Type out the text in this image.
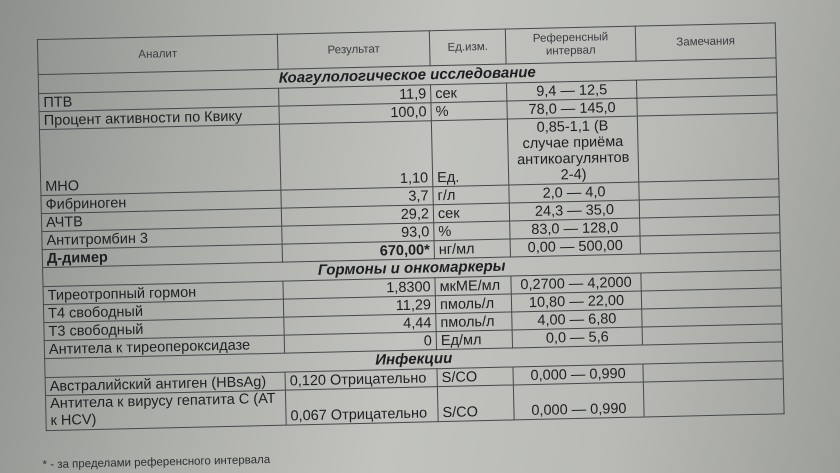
Аналит	Результат	Ед.изм.	Референсный интервал	Замечания
Коагулологическое исследование				
ПТВ	11,9	сек	9,4 — 12,5	
Процент активности по Квику	100,0	%	78,0 — 145,0	
МНО	1,10	Ед.	0,85-1,1 (В случае приёма антикоагулянтов 2-4)	
Фибриноген	3,7	г/л	2,0 — 4,0	
АЧТВ	29,2	сек	24,3 — 35,0	
Антитромбин 3	93,0	%	83,0 — 128,0	
Д-димер	670,00*	нг/мл	0,00 — 500,00	
Гормоны и онкомаркеры				
Тиреотропный гормон	1,8300	мкМЕ/мл	0,2700 — 4,2000	
Т4 свободный	11,29	пмоль/л	10,80 — 22,00	
Т3 свободный	4,44	пмоль/л	4,00 — 6,80	
Антитела к тиреопероксидазе	0	Ед/мл	0,0 — 5,6	
Инфекции				
Австралийский антиген (HBsAg)	0,120 Отрицательно	S/CO	0,000 — 0,990	
Антитела к вирусу гепатита С (АТ к HCV)	0,067 Отрицательно	S/CO	0,000 — 0,990	
* - за пределами референсного интервала
